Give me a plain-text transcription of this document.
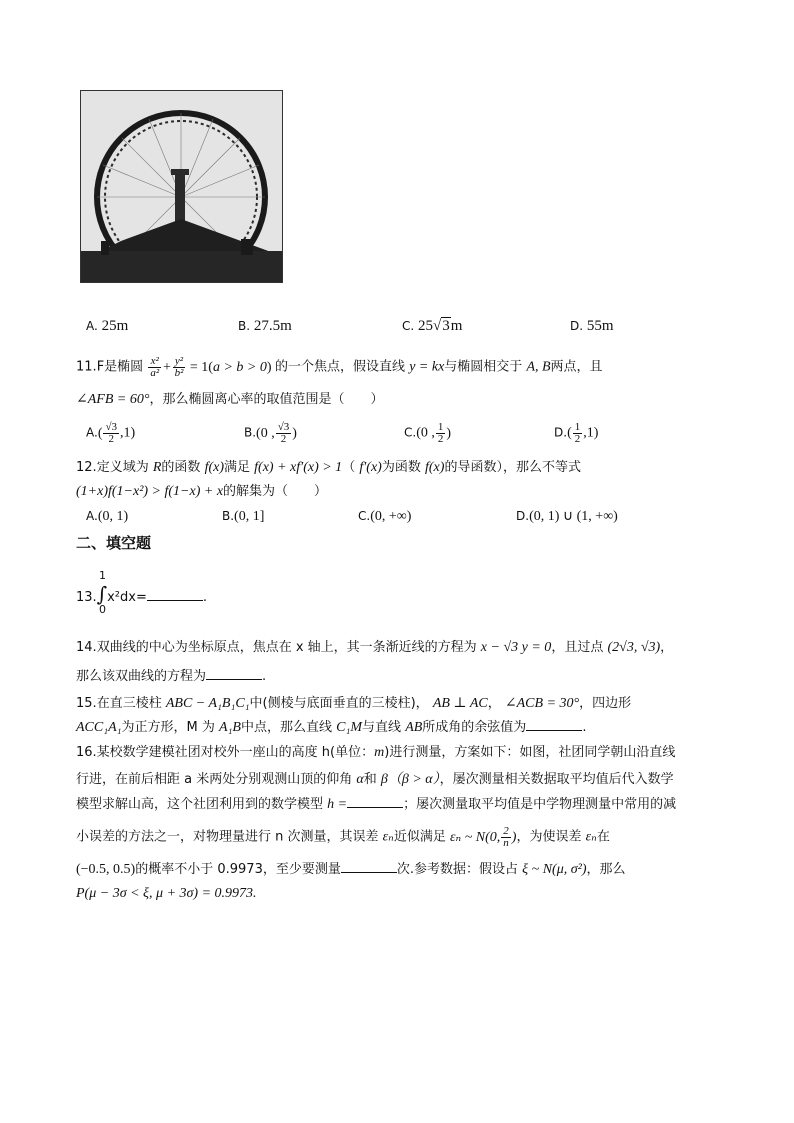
A. 25m	B. 27.5m	C. 25√3m	D. 55m
11.F是椭圆 $\frac{\text{x²}}{\text{a²}} + \frac{\text{y²}}{\text{b²}} = 1(a > b > 0)$ 的一个焦点，假设直线 y = kx与椭圆相交于 A, B两点，且
∠AFB = 60°，那么椭圆离心率的取值范围是（　　）
$A.( \frac{√3}{2} ,1)$	B.(0 , $\frac{√3}{2}$ )	C.(0 , $\frac{1}{2}$ )	$D.( \frac{1}{2} ,1)$
12.定义域为 R的函数 f(x)满足 f(x) + xf′(x) > 1（ f′(x)为函数 f(x)的导函数），那么不等式
(1+x)f(1−x²) > f(1−x) + x的解集为（　　）
A.(0, 1)	B.(0, 1]	C.(0, +∞)	D.(0, 1) ∪ (1, +∞)
二、填空题
13.∫x²dx=	.
1
0
14.双曲线的中心为坐标原点，焦点在 x 轴上，其一条渐近线的方程为 x − √3 y = 0，且过点 (2√3, √3)，
那么该双曲线的方程为	.
15.在直三棱柱 ABC − A₁B₁C₁中(侧棱与底面垂直的三棱柱)， AB ⊥ AC， ∠ACB = 30°，四边形
ACC₁A₁为正方形，M 为 A₁B中点，那么直线 C₁M与直线 AB所成角的余弦值为	.
16.某校数学建模社团对校外一座山的高度 h(单位：m)进行测量，方案如下：如图，社团同学朝山沿直线
行进，在前后相距 a 米两处分别观测山顶的仰角 α和 β（β > α），屡次测量相关数据取平均值后代入数学
模型求解山高，这个社团利用到的数学模型 h =	；屡次测量取平均值是中学物理测量中常用的减
小误差的方法之一，对物理量进行 n 次测量，其误差 εₙ近似满足 εₙ ~ N(0, $\frac{2}{n}$ )，为使误差 εₙ在
(−0.5, 0.5)的概率不小于 0.9973，至少要测量	次.参考数据：假设占 ξ ~ N(μ, σ²)，那么
P(μ − 3σ < ξ, μ + 3σ) = 0.9973.
